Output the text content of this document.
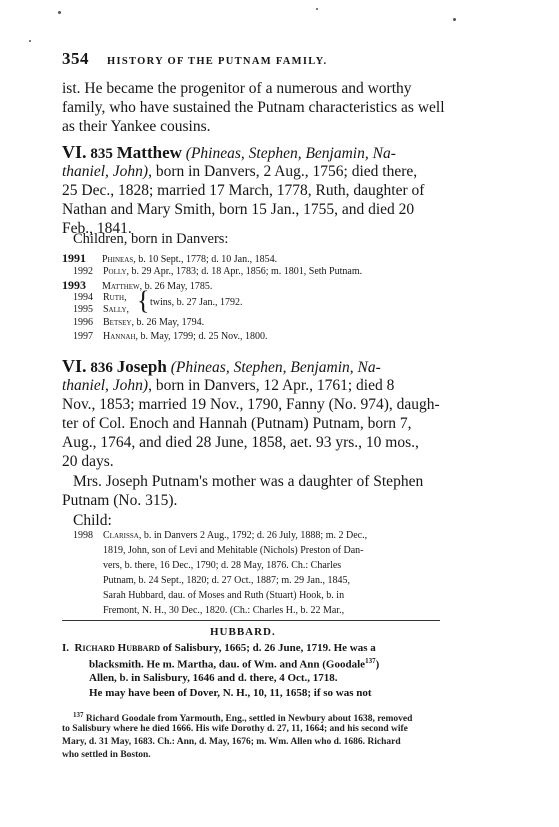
354 HISTORY OF THE PUTNAM FAMILY.
ist. He became the progenitor of a numerous and worthy
family, who have sustained the Putnam characteristics as well
as their Yankee cousins.
VI. 835 Matthew (Phineas, Stephen, Benjamin, Na-
thaniel, John), born in Danvers, 2 Aug., 1756; died there,
25 Dec., 1828; married 17 March, 1778, Ruth, daughter of
Nathan and Mary Smith, born 15 Jan., 1755, and died 20
Feb., 1841.
Children, born in Danvers:
1991 Phineas, b. 10 Sept., 1778; d. 10 Jan., 1854.
1992 Polly, b. 29 Apr., 1783; d. 18 Apr., 1856; m. 1801, Seth Putnam.
1993 Matthew, b. 26 May, 1785.
1994 Ruth,
1995 Sally, { twins, b. 27 Jan., 1792.
1996 Betsey, b. 26 May, 1794.
1997 Hannah, b. May, 1799; d. 25 Nov., 1800.
VI. 836 Joseph (Phineas, Stephen, Benjamin, Na-
thaniel, John), born in Danvers, 12 Apr., 1761; died 8
Nov., 1853; married 19 Nov., 1790, Fanny (No. 974), daugh-
ter of Col. Enoch and Hannah (Putnam) Putnam, born 7,
Aug., 1764, and died 28 June, 1858, aet. 93 yrs., 10 mos.,
20 days.
Mrs. Joseph Putnam's mother was a daughter of Stephen
Putnam (No. 315).
Child:
1998 Clarissa, b. in Danvers 2 Aug., 1792; d. 26 July, 1888; m. 2 Dec.,
1819, John, son of Levi and Mehitable (Nichols) Preston of Dan-
vers, b. there, 16 Dec., 1790; d. 28 May, 1876. Ch.: Charles
Putnam, b. 24 Sept., 1820; d. 27 Oct., 1887; m. 29 Jan., 1845,
Sarah Hubbard, dau. of Moses and Ruth (Stuart) Hook, b. in
Fremont, N. H., 30 Dec., 1820. (Ch.: Charles H., b. 22 Mar.,
HUBBARD.
I. Richard Hubbard of Salisbury, 1665; d. 26 June, 1719. He was a
blacksmith. He m. Martha, dau. of Wm. and Ann (Goodale$^{137}$)
Allen, b. in Salisbury, 1646 and d. there, 4 Oct., 1718.
He may have been of Dover, N. H., 10, 11, 1658; if so was not
$^{137}$ Richard Goodale from Yarmouth, Eng., settled in Newbury about 1638, removed
to Salisbury where he died 1666. His wife Dorothy d. 27, 11, 1664; and his second wife
Mary, d. 31 May, 1683. Ch.: Ann, d. May, 1676; m. Wm. Allen who d. 1686. Richard
who settled in Boston.
